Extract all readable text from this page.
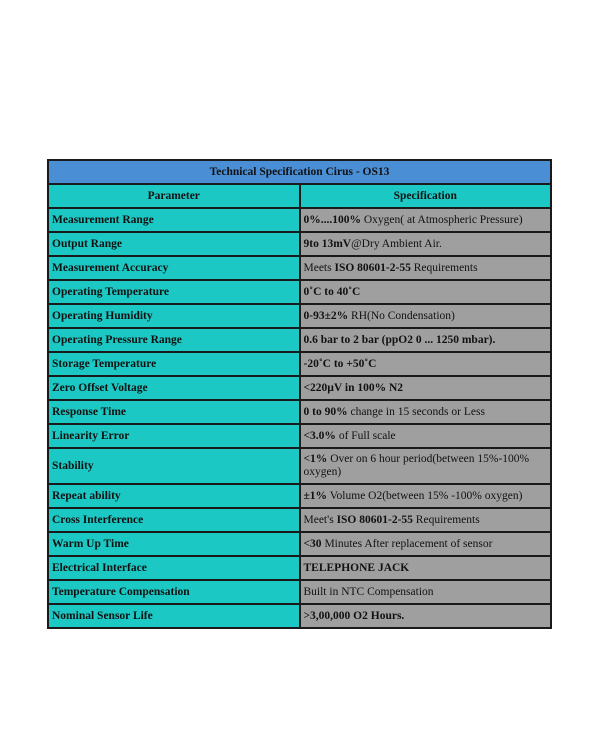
Technical Specification Cirus - OS13	
Parameter	Specification
Measurement Range	0%....100% Oxygen( at Atmospheric Pressure)
Output Range	9to 13mV@Dry Ambient Air.
Measurement Accuracy	Meets ISO 80601-2-55 Requirements
Operating Temperature	0˚C to 40˚C
Operating Humidity	0-93±2% RH(No Condensation)
Operating Pressure Range	0.6 bar to 2 bar (ppO2 0 ... 1250 mbar).
Storage Temperature	-20˚C to +50˚C
Zero Offset Voltage	<220µV in 100% N2
Response Time	0 to 90% change in 15 seconds or Less
Linearity Error	<3.0% of Full scale
Stability	<1% Over on 6 hour period(between 15%-100% oxygen)
Repeat ability	±1% Volume O2(between 15% -100% oxygen)
Cross Interference	Meet's ISO 80601-2-55 Requirements
Warm Up Time	<30 Minutes After replacement of sensor
Electrical Interface	TELEPHONE JACK
Temperature Compensation	Built in NTC Compensation
Nominal Sensor Life	>3,00,000 O2 Hours.
